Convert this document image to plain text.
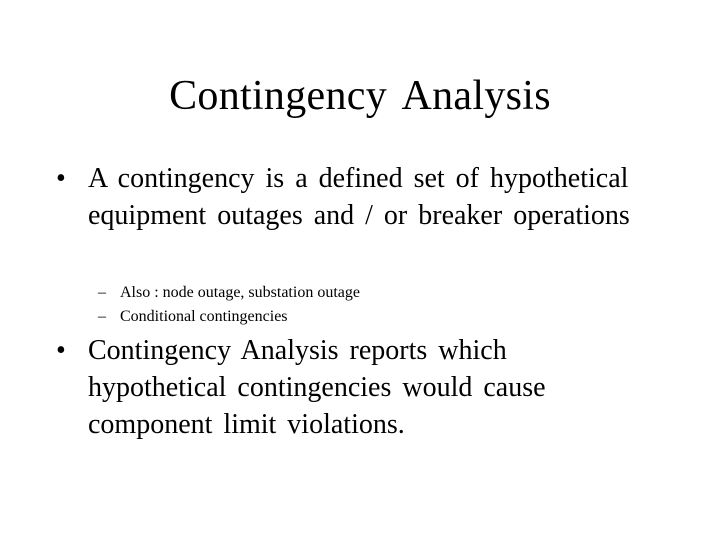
Contingency Analysis
• A contingency is a defined set of hypothetical equipment outages and / or breaker operations
– Also : node outage, substation outage
– Conditional contingencies
• Contingency Analysis reports which hypothetical contingencies would cause component limit violations.
